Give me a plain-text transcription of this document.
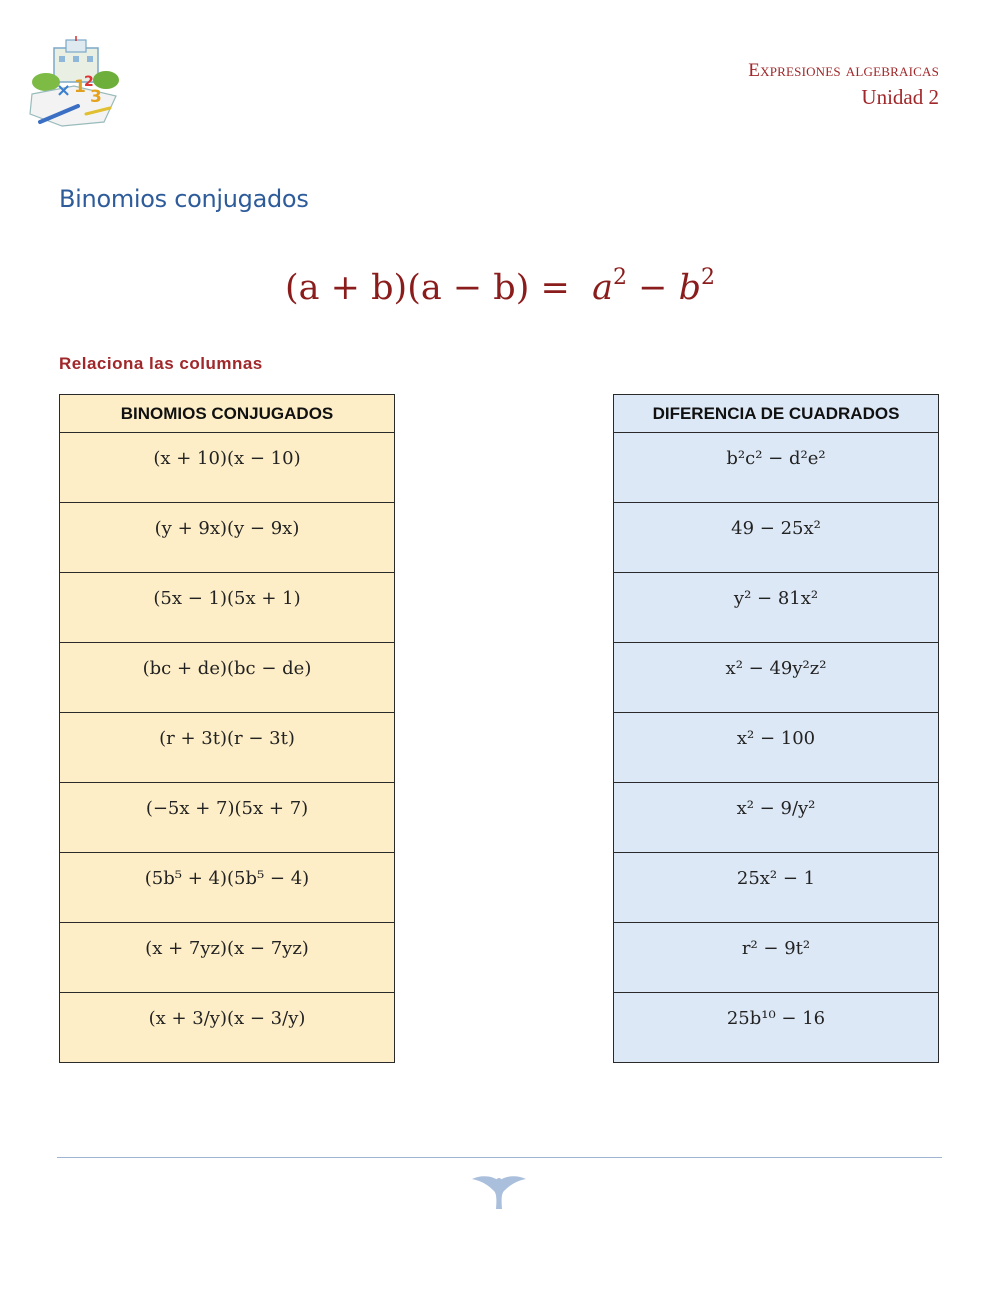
× 1
2
3
Expresiones algebraicas
Unidad 2
Binomios conjugados
$(a + b)(a - b) = a^2 - b^2$
Relaciona las columnas
BINOMIOS CONJUGADOS

(x + 10)(x − 10)

(y + 9x)(y − 9x)

(5x − 1)(5x + 1)

(bc + de)(bc − de)

(r + 3t)(r − 3t)

(−5x + 7)(5x + 7)

(5b⁵ + 4)(5b⁵ − 4)

(x + 7yz)(x − 7yz)

(x + 3/y)(x − 3/y)
DIFERENCIA DE CUADRADOS

b²c² − d²e²

49 − 25x²

y² − 81x²

x² − 49y²z²

x² − 100

x² − 9/y²

25x² − 1

r² − 9t²

25b¹⁰ − 16
